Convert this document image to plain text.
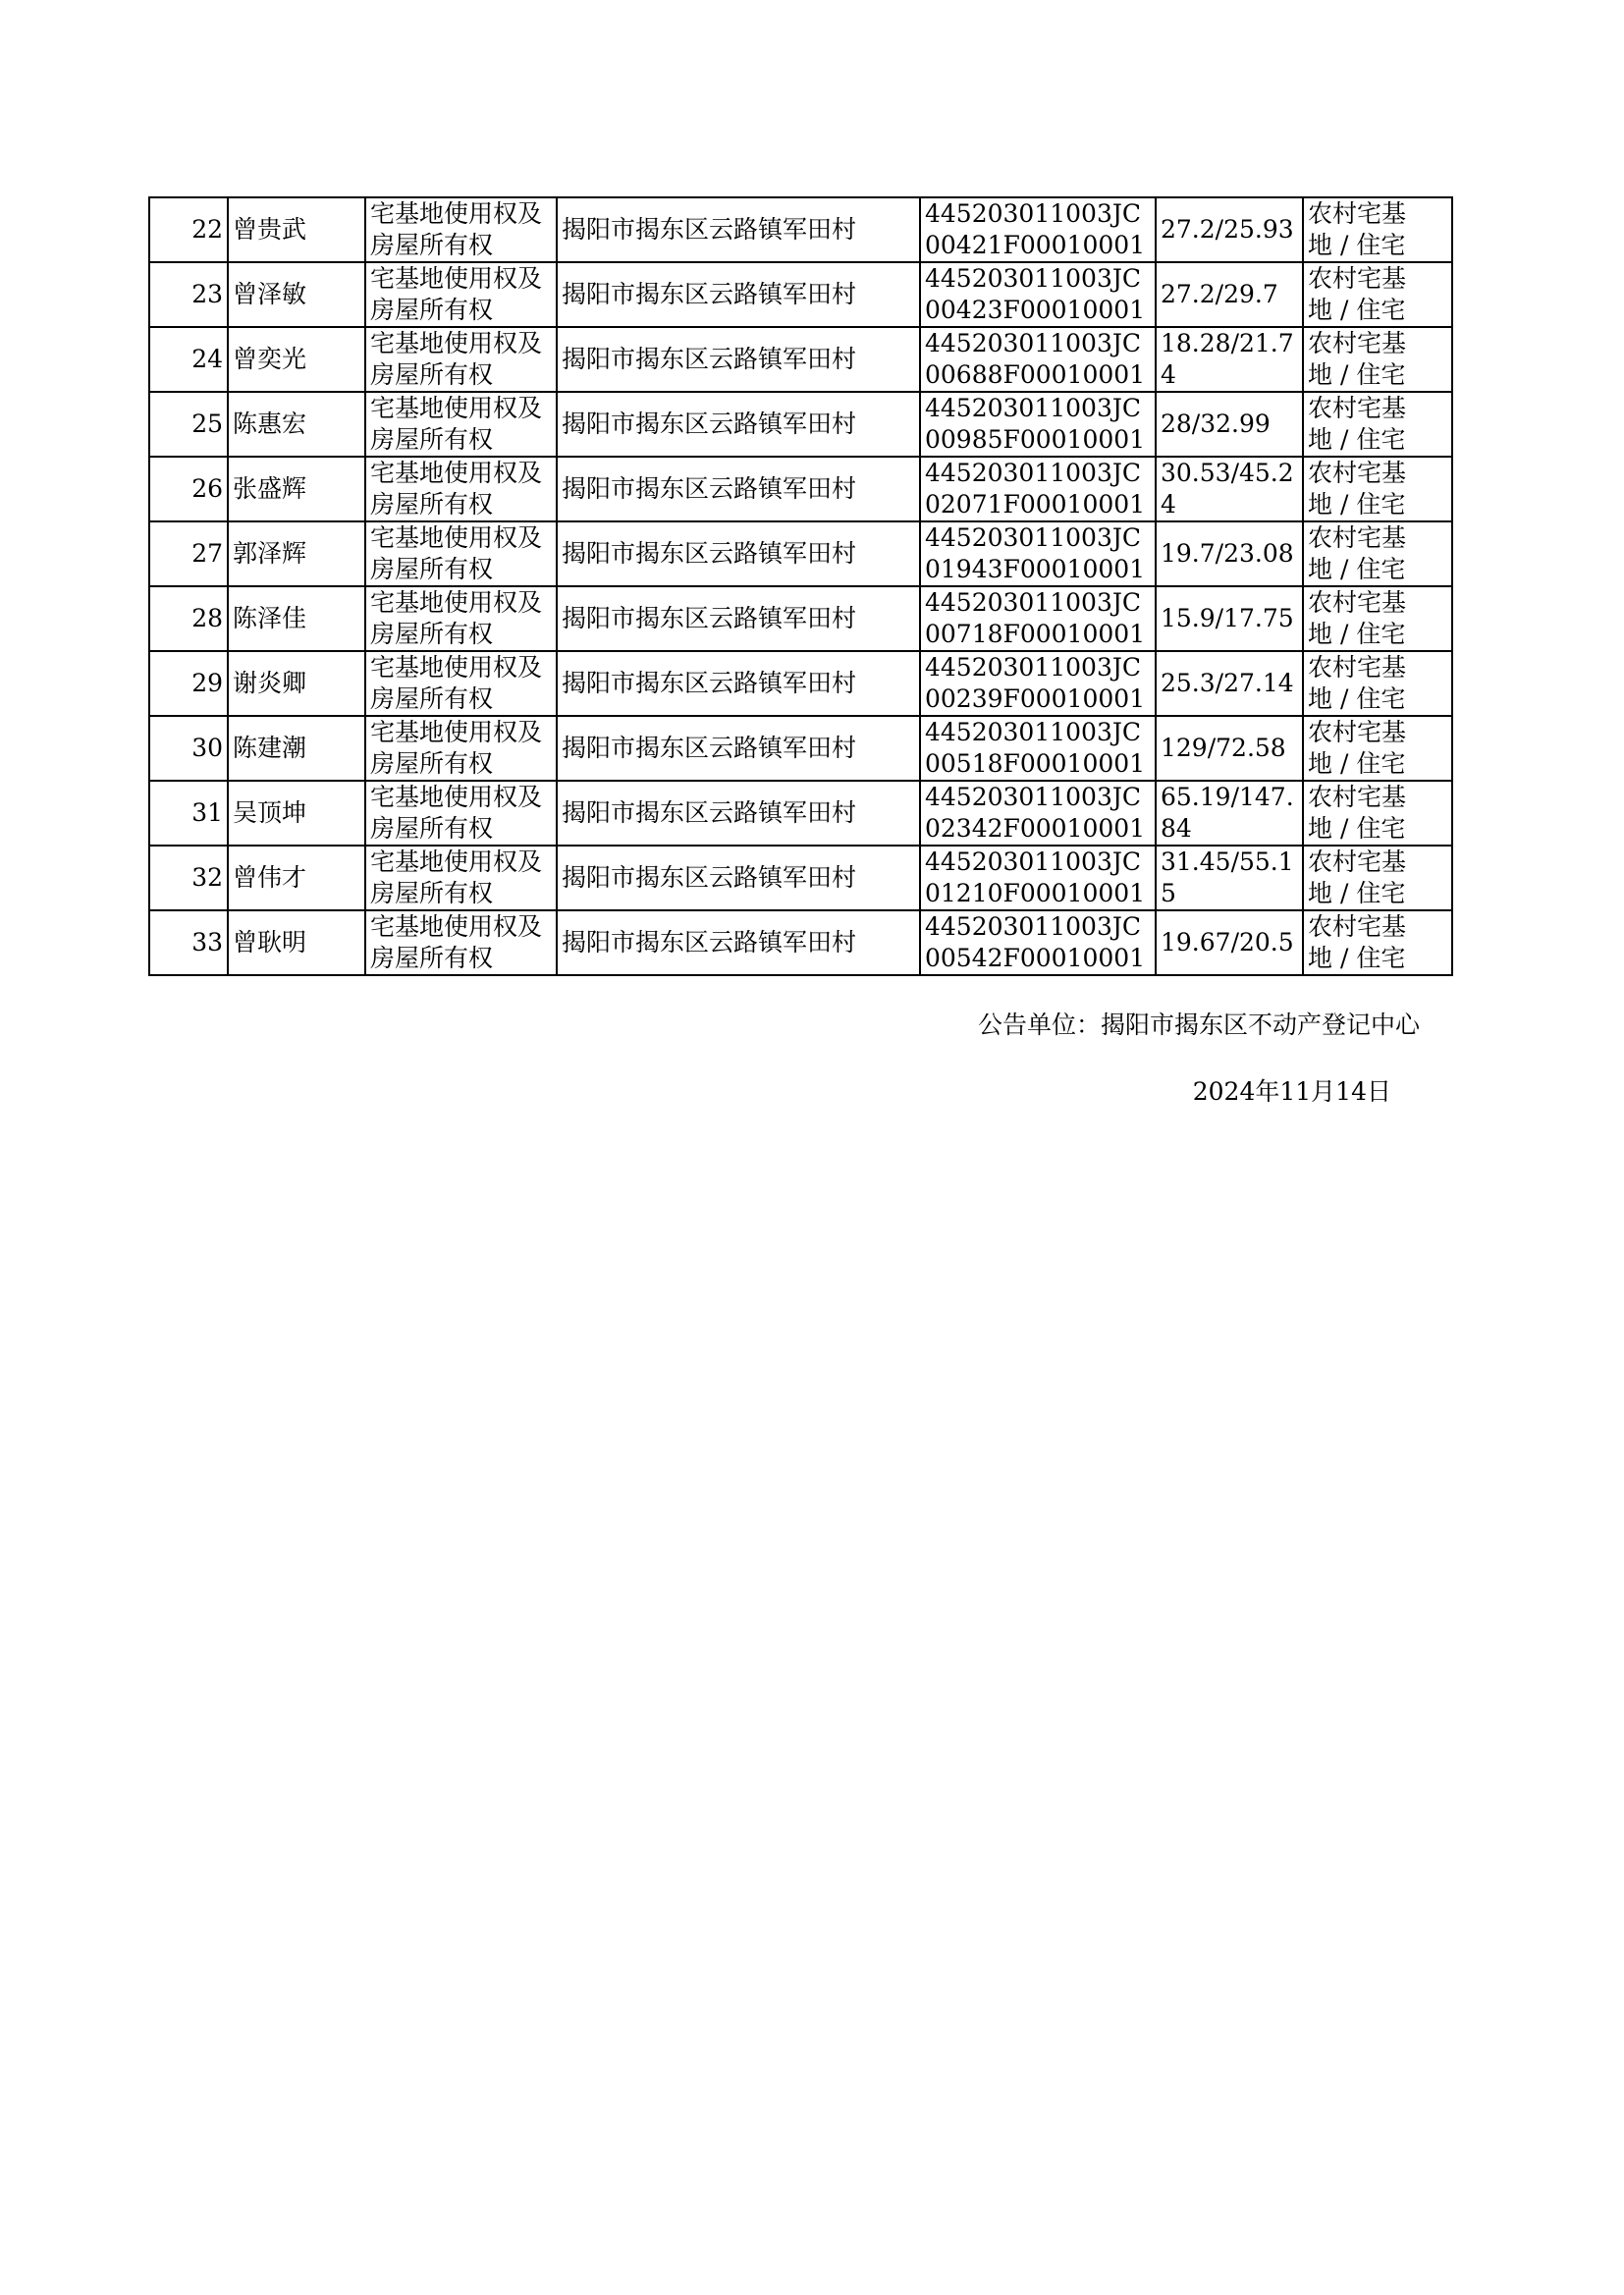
22	曾贵武	宅基地使用权及房屋所有权	揭阳市揭东区云路镇军田村	445203011003JC00421F00010001	27.2/25.93	农村宅基
地 / 住宅

23	曾泽敏	宅基地使用权及房屋所有权	揭阳市揭东区云路镇军田村	445203011003JC00423F00010001	27.2/29.7	农村宅基
地 / 住宅

24	曾奕光	宅基地使用权及房屋所有权	揭阳市揭东区云路镇军田村	445203011003JC00688F00010001	18.28/21.74	农村宅基
地 / 住宅

25	陈惠宏	宅基地使用权及房屋所有权	揭阳市揭东区云路镇军田村	445203011003JC00985F00010001	28/32.99	农村宅基
地 / 住宅

26	张盛辉	宅基地使用权及房屋所有权	揭阳市揭东区云路镇军田村	445203011003JC02071F00010001	30.53/45.24	农村宅基
地 / 住宅

27	郭泽辉	宅基地使用权及房屋所有权	揭阳市揭东区云路镇军田村	445203011003JC01943F00010001	19.7/23.08	农村宅基
地 / 住宅

28	陈泽佳	宅基地使用权及房屋所有权	揭阳市揭东区云路镇军田村	445203011003JC00718F00010001	15.9/17.75	农村宅基
地 / 住宅

29	谢炎卿	宅基地使用权及房屋所有权	揭阳市揭东区云路镇军田村	445203011003JC00239F00010001	25.3/27.14	农村宅基
地 / 住宅

30	陈建潮	宅基地使用权及房屋所有权	揭阳市揭东区云路镇军田村	445203011003JC00518F00010001	129/72.58	农村宅基
地 / 住宅

31	吴顶坤	宅基地使用权及房屋所有权	揭阳市揭东区云路镇军田村	445203011003JC02342F00010001	65.19/147.84	农村宅基
地 / 住宅

32	曾伟才	宅基地使用权及房屋所有权	揭阳市揭东区云路镇军田村	445203011003JC01210F00010001	31.45/55.15	农村宅基
地 / 住宅

33	曾耿明	宅基地使用权及房屋所有权	揭阳市揭东区云路镇军田村	445203011003JC00542F00010001	19.67/20.5	农村宅基
地 / 住宅
公告单位：揭阳市揭东区不动产登记中心
2024年11月14日
